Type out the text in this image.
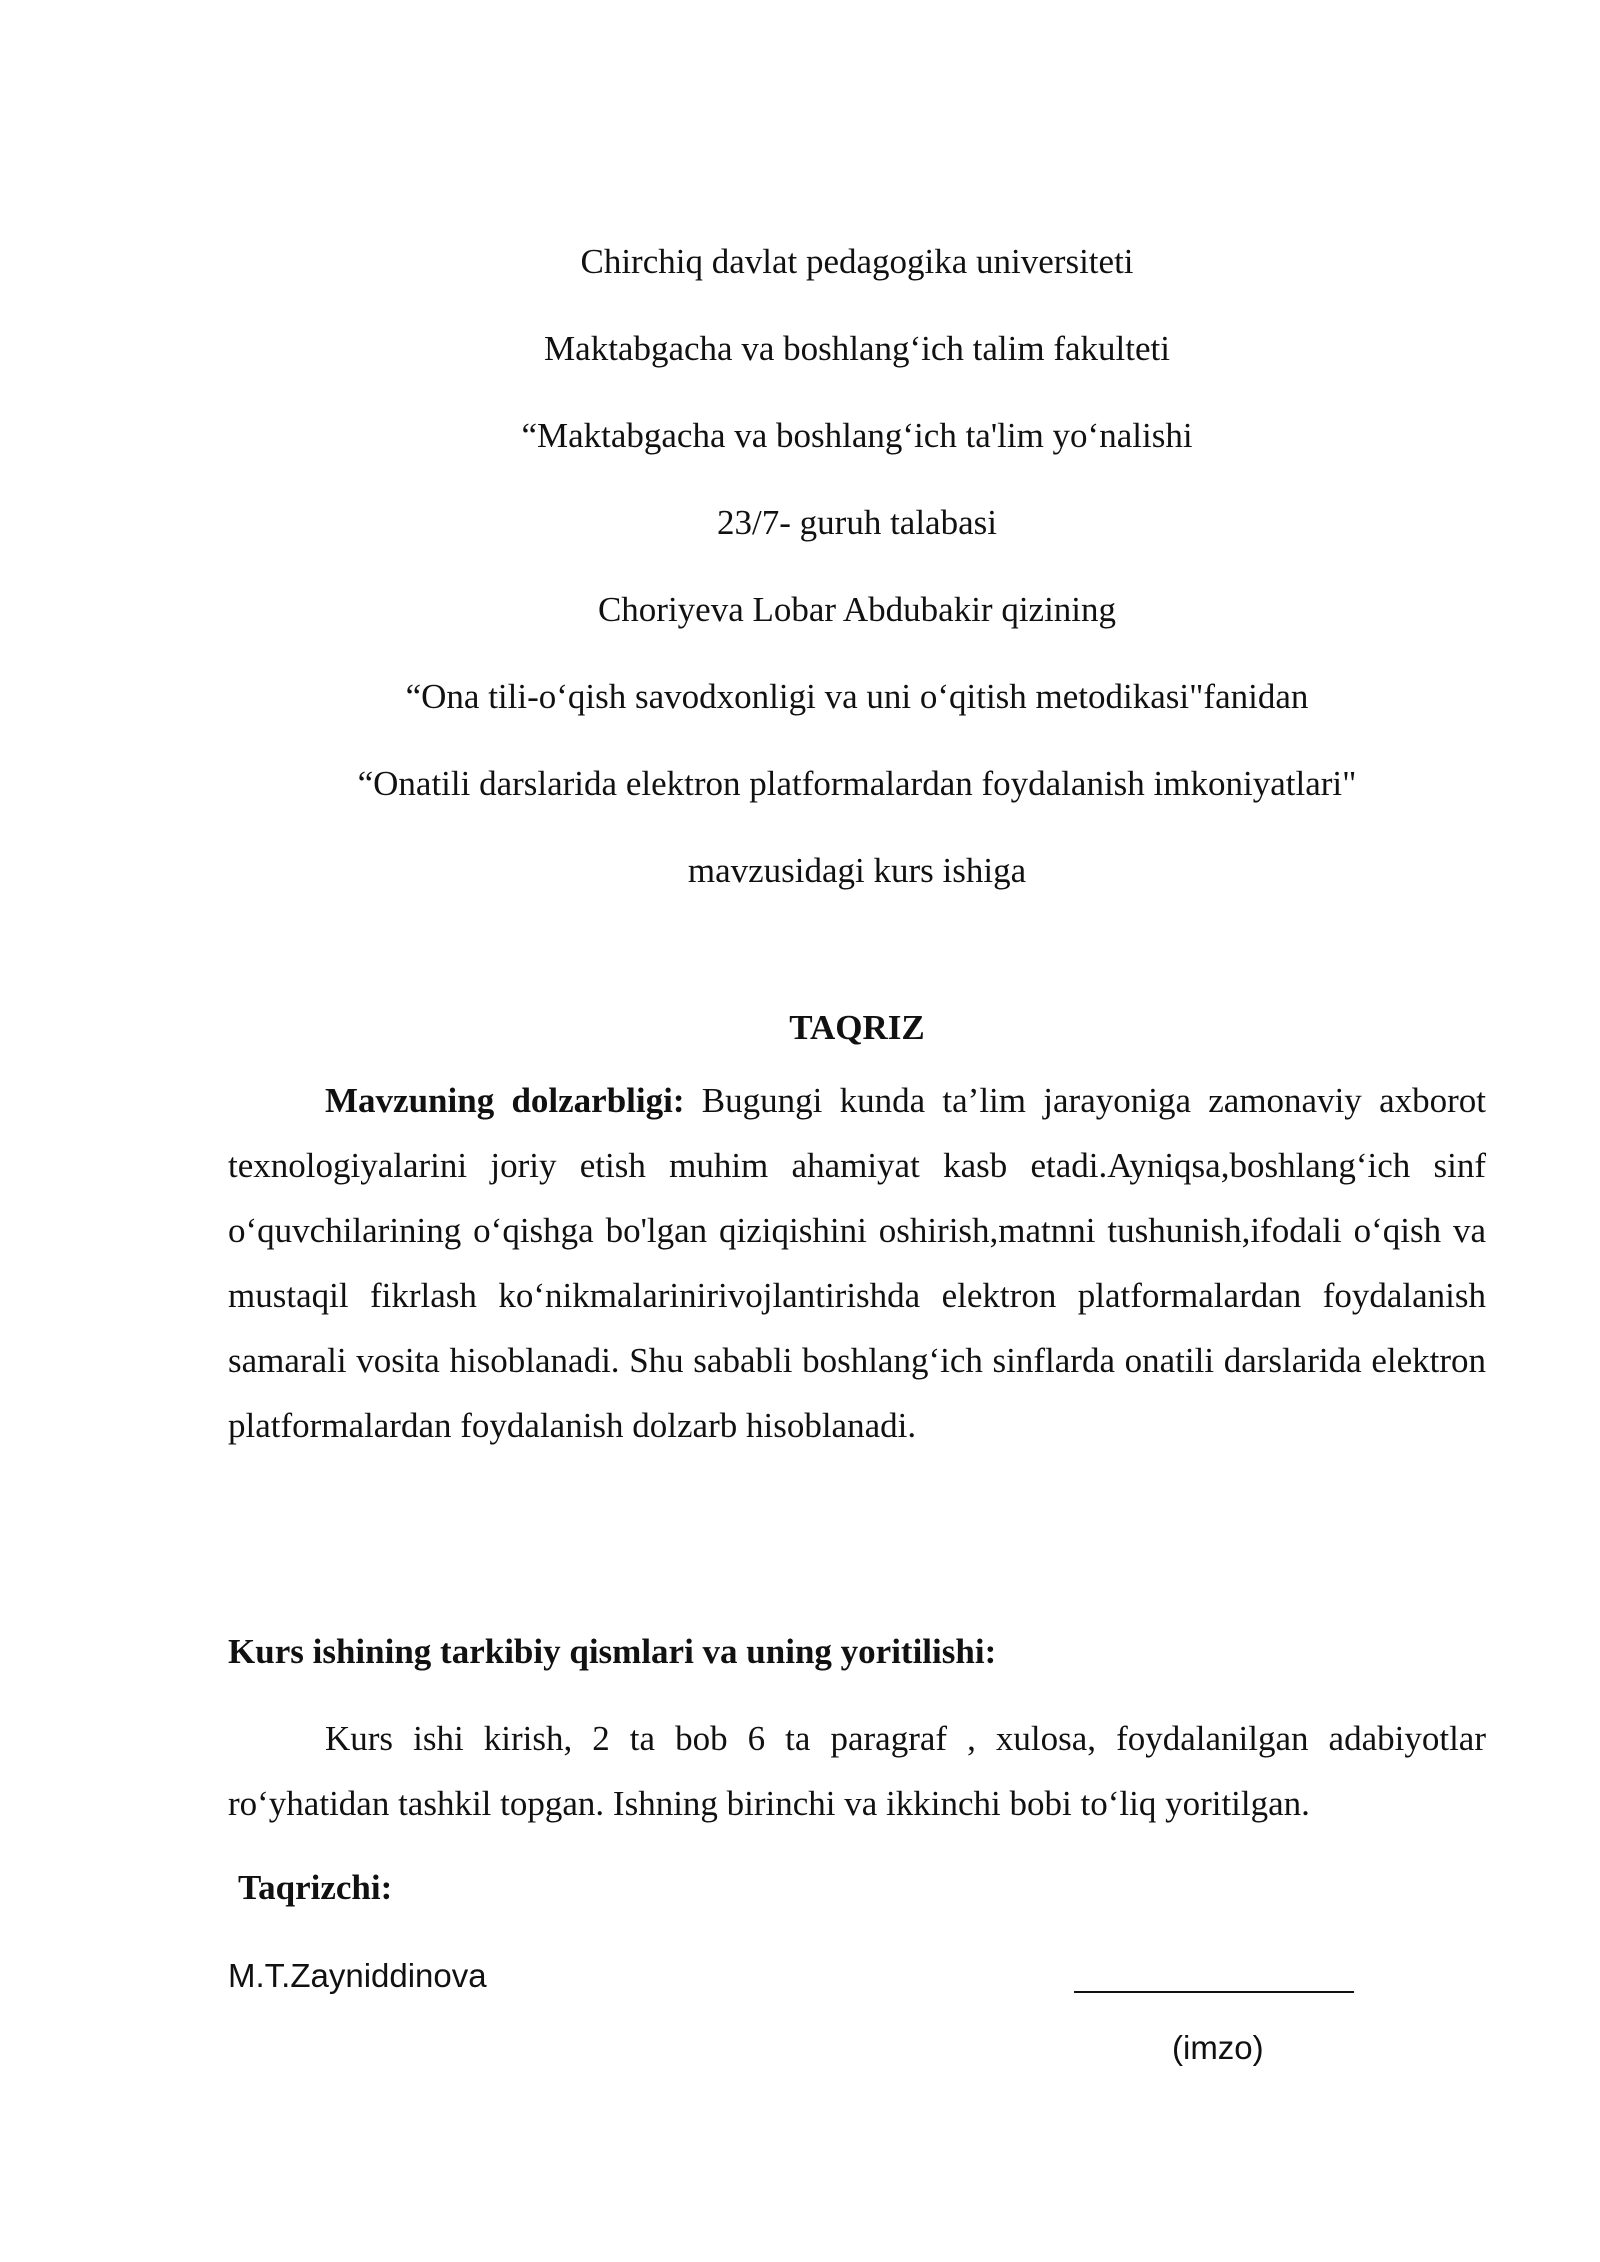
Chirchiq davlat pedagogika universiteti
Maktabgacha va boshlang‘ich talim fakulteti
“Maktabgacha va boshlang‘ich ta'lim yo‘nalishi
23/7- guruh talabasi
Choriyeva Lobar Abdubakir qizining
“Ona tili-o‘qish savodxonligi va uni o‘qitish metodikasi"fanidan
“Onatili darslarida elektron platformalardan foydalanish imkoniyatlari"
mavzusidagi kurs ishiga
TAQRIZ

Mavzuning dolzarbligi: Bugungi kunda ta’lim jarayoniga zamonaviy axborot texnologiyalarini joriy etish muhim ahamiyat kasb etadi.Ayniqsa,boshlang‘ich sinf o‘quvchilarining o‘qishga bo'lgan qiziqishini oshirish,matnni tushunish,ifodali o‘qish va mustaqil fikrlash ko‘nikmalarinirivojlantirishda elektron platformalardan foydalanish samarali vosita hisoblanadi. Shu sababli boshlang‘ich sinflarda onatili darslarida elektron platformalardan foydalanish dolzarb hisoblanadi.

Kurs ishining tarkibiy qismlari va uning yoritilishi:

Kurs ishi kirish, 2 ta bob 6 ta paragraf , xulosa, foydalanilgan adabiyotlar ro‘yhatidan tashkil topgan. Ishning birinchi va ikkinchi bobi to‘liq yoritilgan.

Taqrizchi:
M.T.Zayniddinova
(imzo)
